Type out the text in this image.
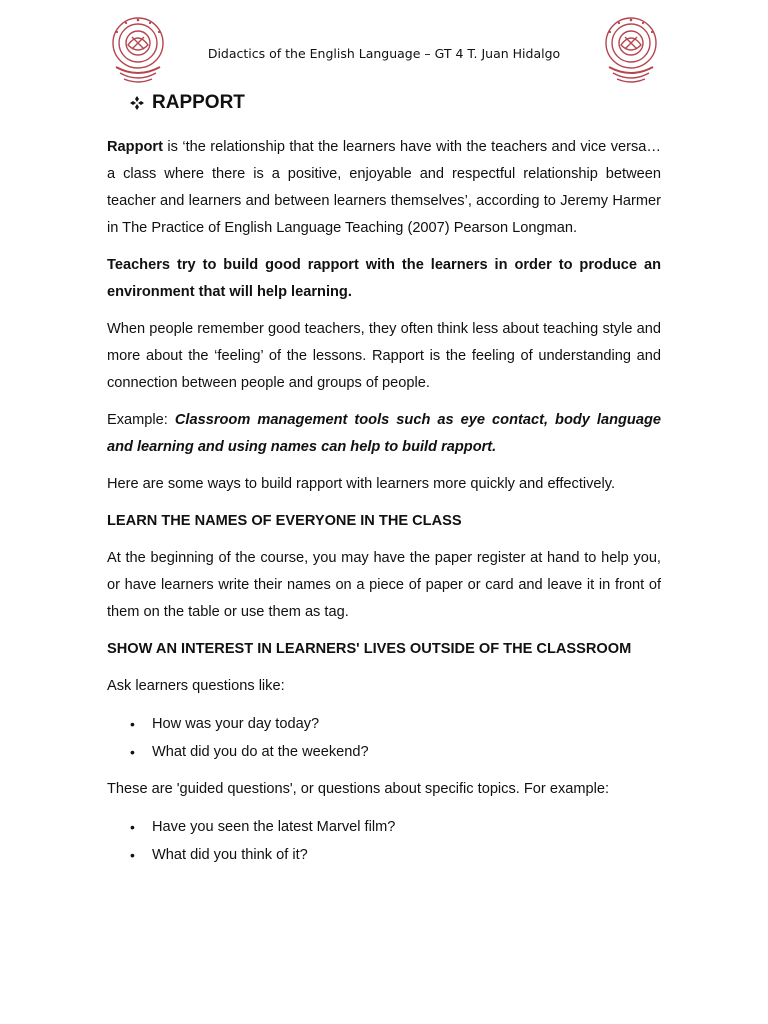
Didactics of the English Language – GT 4 T. Juan Hidalgo
RAPPORT

Rapport is ‘the relationship that the learners have with the teachers and vice versa…a class where there is a positive, enjoyable and respectful relationship between teacher and learners and between learners themselves’, according to Jeremy Harmer in The Practice of English Language Teaching (2007) Pearson Longman.

Teachers try to build good rapport with the learners in order to produce an environment that will help learning.

When people remember good teachers, they often think less about teaching style and more about the ‘feeling’ of the lessons. Rapport is the feeling of understanding and connection between people and groups of people.

Example: Classroom management tools such as eye contact, body language and learning and using names can help to build rapport.

Here are some ways to build rapport with learners more quickly and effectively.

LEARN THE NAMES OF EVERYONE IN THE CLASS

At the beginning of the course, you may have the paper register at hand to help you, or have learners write their names on a piece of paper or card and leave it in front of them on the table or use them as tag.

SHOW AN INTEREST IN LEARNERS' LIVES OUTSIDE OF THE CLASSROOM

Ask learners questions like:

• How was your day today?
• What did you do at the weekend?

These are 'guided questions', or questions about specific topics. For example:

• Have you seen the latest Marvel film?
• What did you think of it?
